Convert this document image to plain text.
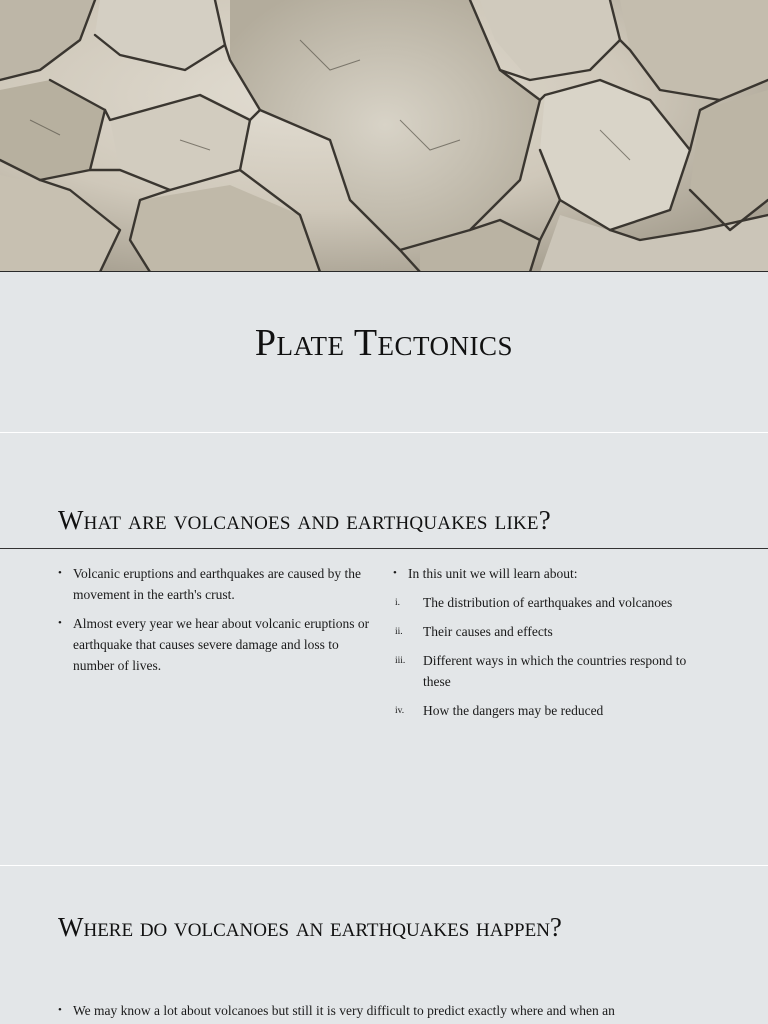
Plate Tectonics
What are volcanoes and earthquakes like?
• Volcanic eruptions and earthquakes are caused by the movement in the earth's crust.
• Almost every year we hear about volcanic eruptions or earthquake that causes severe damage and loss to number of lives.
• In this unit we will learn about:
i. The distribution of earthquakes and volcanoes
ii. Their causes and effects
iii. Different ways in which the countries respond to these
iv. How the dangers may be reduced
Where do volcanoes an earthquakes happen?
• We may know a lot about volcanoes but still it is very difficult to predict exactly where and when an
